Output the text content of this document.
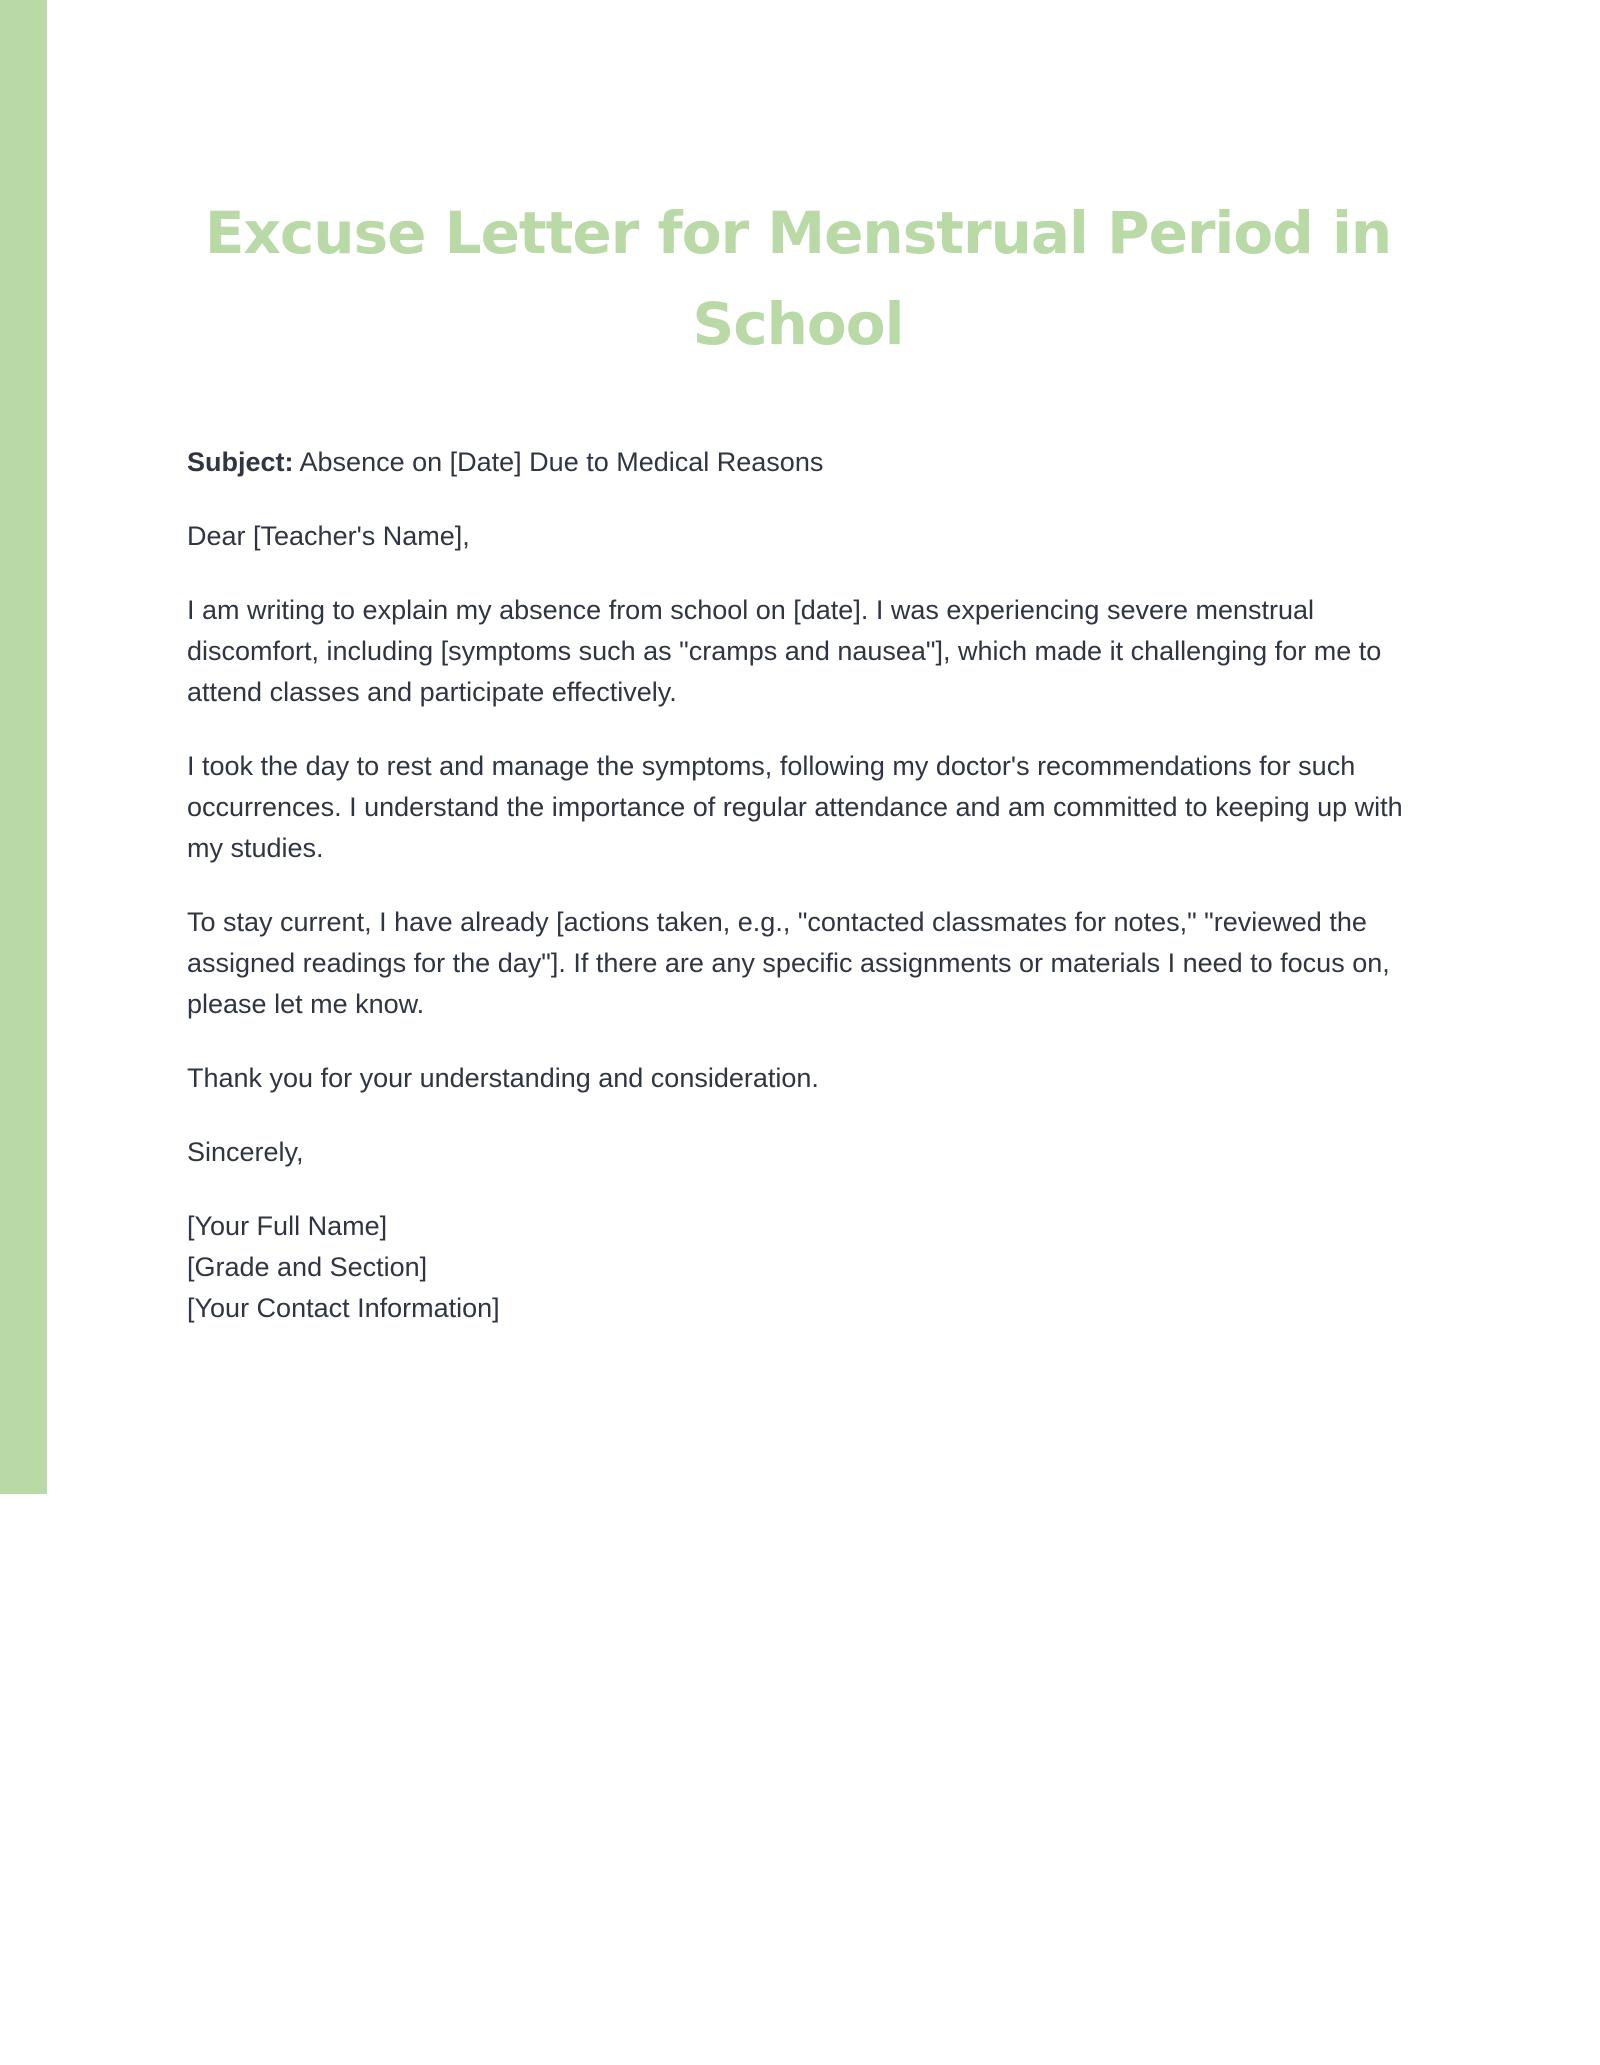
Excuse Letter for Menstrual Period in School

Subject: Absence on [Date] Due to Medical Reasons

Dear [Teacher's Name],

I am writing to explain my absence from school on [date]. I was experiencing severe menstrual discomfort, including [symptoms such as "cramps and nausea"], which made it challenging for me to attend classes and participate effectively.

I took the day to rest and manage the symptoms, following my doctor's recommendations for such occurrences. I understand the importance of regular attendance and am committed to keeping up with my studies.

To stay current, I have already [actions taken, e.g., "contacted classmates for notes," "reviewed the assigned readings for the day"]. If there are any specific assignments or materials I need to focus on, please let me know.

Thank you for your understanding and consideration.

Sincerely,

[Your Full Name]
[Grade and Section]
[Your Contact Information]
